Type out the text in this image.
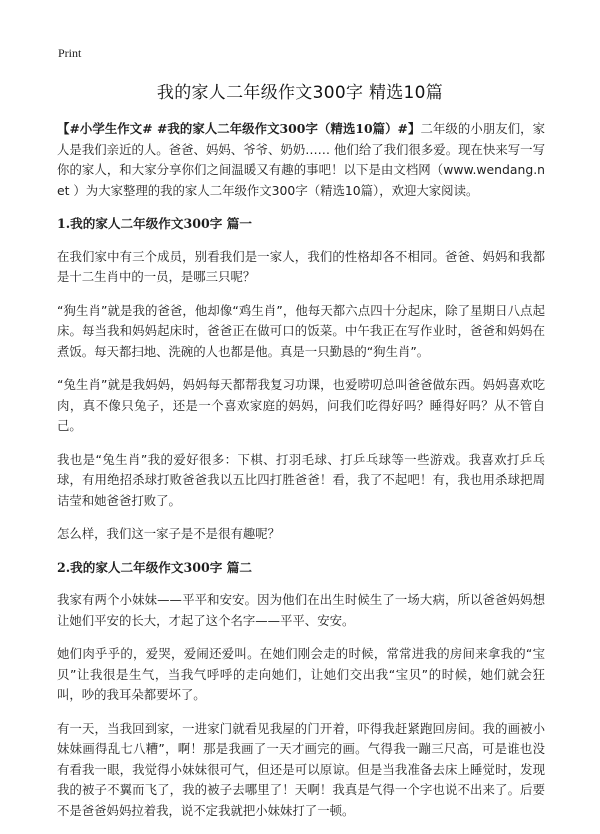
Print
我的家人二年级作文300字 精选10篇

【#小学生作文# #我的家人二年级作文300字（精选10篇）#】二年级的小朋友们，家人是我们亲近的人。爸爸、妈妈、爷爷、奶奶…… 他们给了我们很多爱。现在快来写一写你的家人，和大家分享你们之间温暖又有趣的事吧！以下是由文档网（www.wendang.net ）为大家整理的我的家人二年级作文300字（精选10篇），欢迎大家阅读。

1.我的家人二年级作文300字 篇一

在我们家中有三个成员，别看我们是一家人，我们的性格却各不相同。爸爸、妈妈和我都是十二生肖中的一员，是哪三只呢？

“狗生肖”就是我的爸爸，他却像“鸡生肖”，他每天都六点四十分起床，除了星期日八点起床。每当我和妈妈起床时，爸爸正在做可口的饭菜。中午我正在写作业时，爸爸和妈妈在煮饭。每天都扫地、洗碗的人也都是他。真是一只勤恳的“狗生肖”。

“兔生肖”就是我妈妈，妈妈每天都帮我复习功课，也爱唠叨总叫爸爸做东西。妈妈喜欢吃肉，真不像只兔子，还是一个喜欢家庭的妈妈，问我们吃得好吗？睡得好吗？从不管自己。

我也是“兔生肖”我的爱好很多：下棋、打羽毛球、打乒乓球等一些游戏。我喜欢打乒乓球，有用绝招杀球打败爸爸我以五比四打胜爸爸！看，我了不起吧！有，我也用杀球把周诘莹和她爸爸打败了。

怎么样，我们这一家子是不是很有趣呢？

2.我的家人二年级作文300字 篇二

我家有两个小妹妹——平平和安安。因为他们在出生时候生了一场大病，所以爸爸妈妈想让她们平安的长大，才起了这个名字——平平、安安。

她们肉乎乎的，爱哭，爱闹还爱叫。在她们刚会走的时候，常常进我的房间来拿我的“宝贝”让我很是生气，当我气呼呼的走向她们，让她们交出我“宝贝”的时候，她们就会狂叫，吵的我耳朵都要坏了。

有一天，当我回到家，一进家门就看见我屋的门开着，吓得我赶紧跑回房间。我的画被小妹妹画得乱七八糟”，啊！那是我画了一天才画完的画。气得我一蹦三尺高，可是谁也没有看我一眼，我觉得小妹妹很可气，但还是可以原谅。但是当我准备去床上睡觉时，发现我的被子不翼而飞了，我的被子去哪里了！天啊！我真是气得一个字也说不出来了。后要不是爸爸妈妈拉着我，说不定我就把小妹妹打了一顿。
